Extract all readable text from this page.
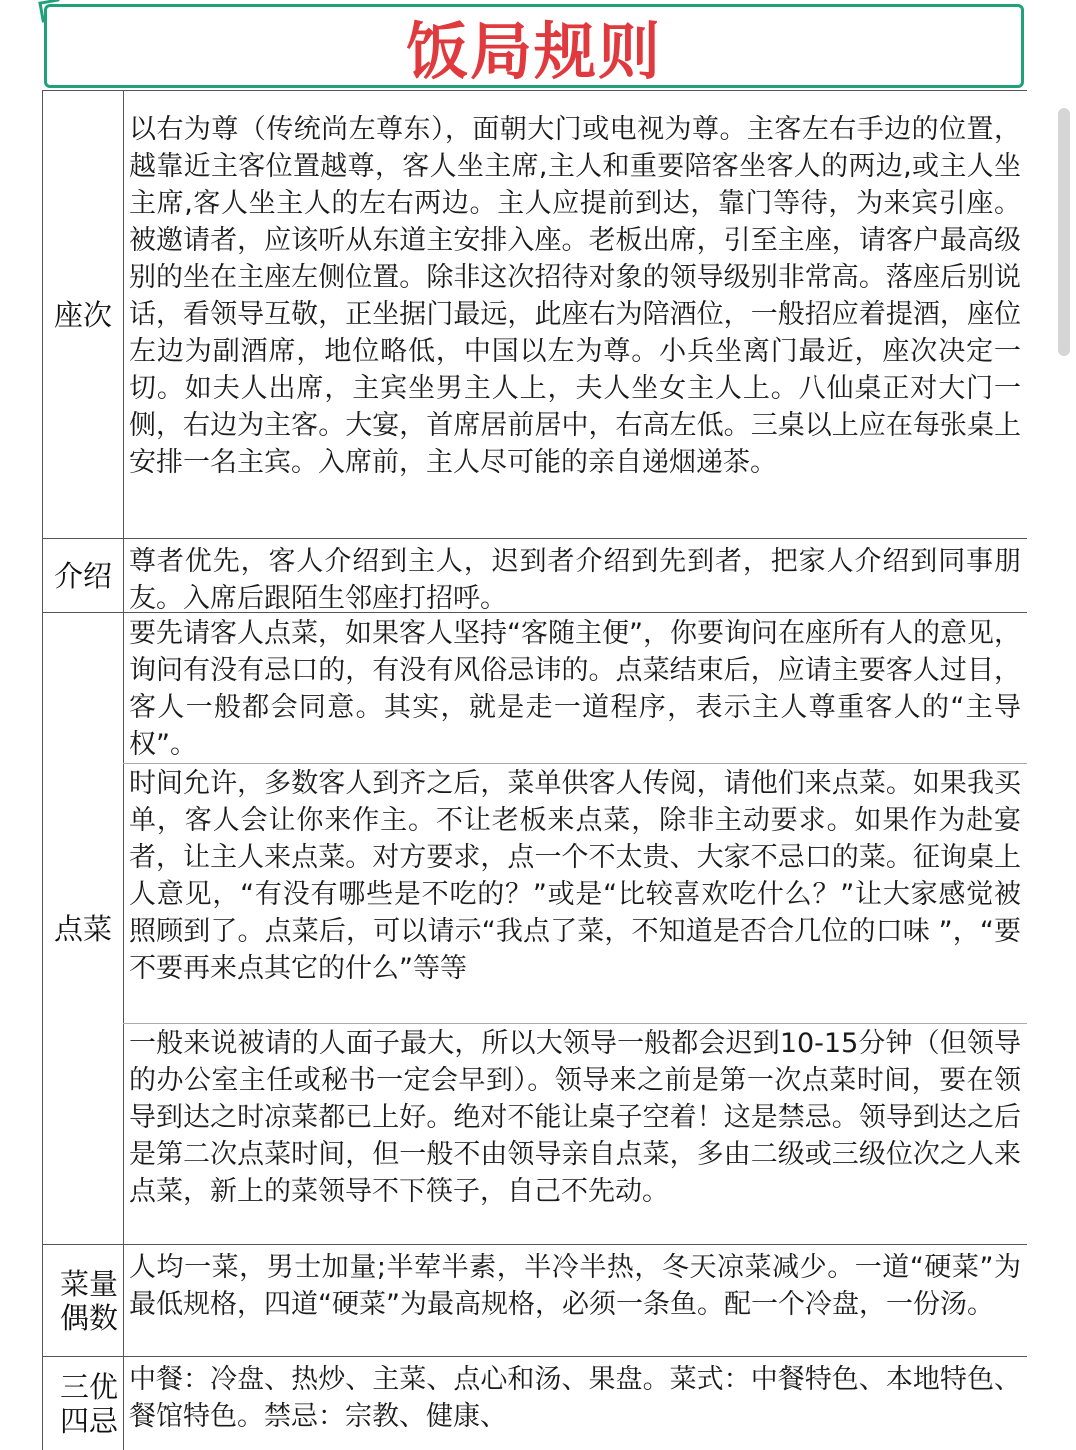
饭局规则
座次
以右为尊（传统尚左尊东），面朝大门或电视为尊。主客左右手边的位置，越靠近主客位置越尊，客人坐主席,主人和重要陪客坐客人的两边,或主人坐主席,客人坐主人的左右两边。主人应提前到达，靠门等待，为来宾引座。被邀请者，应该听从东道主安排入座。老板出席，引至主座，请客户最高级别的坐在主座左侧位置。除非这次招待对象的领导级别非常高。落座后别说话，看领导互敬，正坐据门最远，此座右为陪酒位，一般招应着提酒，座位左边为副酒席，地位略低，中国以左为尊。小兵坐离门最近，座次决定一切。如夫人出席，主宾坐男主人上，夫人坐女主人上。八仙桌正对大门一侧，右边为主客。大宴，首席居前居中，右高左低。三桌以上应在每张桌上安排一名主宾。入席前，主人尽可能的亲自递烟递茶。
介绍 尊者优先，客人介绍到主人，迟到者介绍到先到者，把家人介绍到同事朋友。入席后跟陌生邻座打招呼。
点菜
要先请客人点菜，如果客人坚持“客随主便”，你要询问在座所有人的意见，询问有没有忌口的，有没有风俗忌讳的。点菜结束后，应请主要客人过目，客人一般都会同意。其实，就是走一道程序，表示主人尊重客人的“主导权”。
时间允许，多数客人到齐之后，菜单供客人传阅，请他们来点菜。如果我买单，客人会让你来作主。不让老板来点菜，除非主动要求。如果作为赴宴者，让主人来点菜。对方要求，点一个不太贵、大家不忌口的菜。征询桌上人意见，“有没有哪些是不吃的？”或是“比较喜欢吃什么？”让大家感觉被照顾到了。点菜后，可以请示“我点了菜，不知道是否合几位的口味 ”，“要不要再来点其它的什么”等等
一般来说被请的人面子最大，所以大领导一般都会迟到10-15分钟（但领导的办公室主任或秘书一定会早到）。领导来之前是第一次点菜时间，要在领导到达之时凉菜都已上好。绝对不能让桌子空着！这是禁忌。领导到达之后是第二次点菜时间，但一般不由领导亲自点菜，多由二级或三级位次之人来点菜，新上的菜领导不下筷子，自己不先动。
菜量偶数
人均一菜，男士加量;半荤半素，半冷半热，冬天凉菜减少。一道“硬菜”为最低规格，四道“硬菜”为最高规格，必须一条鱼。配一个冷盘，一份汤。
三优四忌
中餐：冷盘、热炒、主菜、点心和汤、果盘。菜式：中餐特色、本地特色、餐馆特色。禁忌：宗教、健康、
